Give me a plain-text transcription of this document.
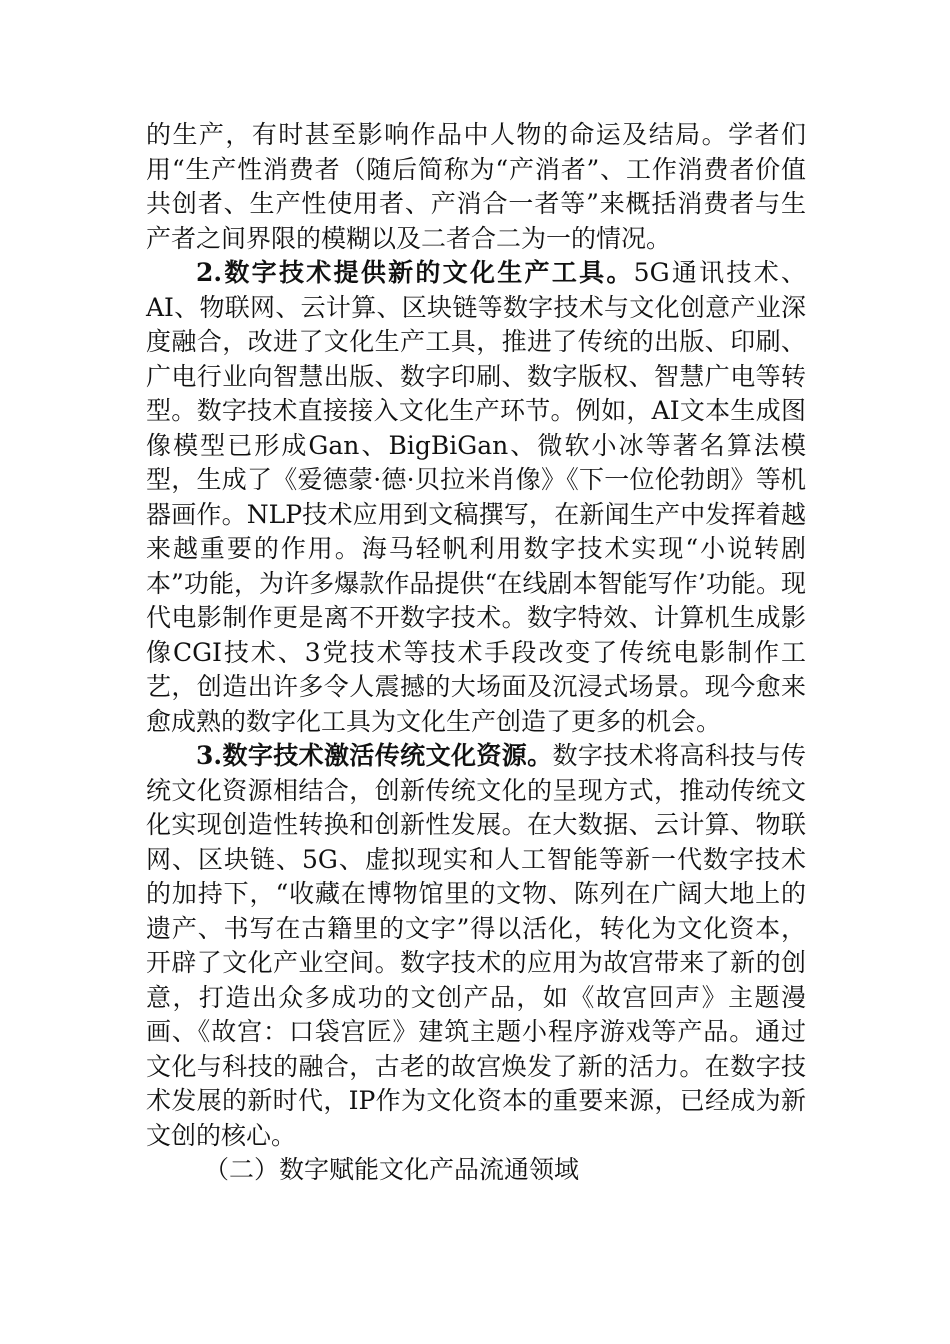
的生产，有时甚至影响作品中人物的命运及结局。学者们用“生产性消费者（随后简称为“产消者”、工作消费者价值共创者、生产性使用者、产消合一者等”来概括消费者与生产者之间界限的模糊以及二者合二为一的情况。

2.数字技术提供新的文化生产工具。5G通讯技术、AI、物联网、云计算、区块链等数字技术与文化创意产业深度融合，改进了文化生产工具，推进了传统的出版、印刷、广电行业向智慧出版、数字印刷、数字版权、智慧广电等转型。数字技术直接接入文化生产环节。例如，AI文本生成图像模型已形成Gan、BigBiGan、微软小冰等著名算法模型，生成了《爱德蒙·德·贝拉米肖像》《下一位伦勃朗》等机器画作。NLP技术应用到文稿撰写，在新闻生产中发挥着越来越重要的作用。海马轻帆利用数字技术实现“小说转剧本”功能，为许多爆款作品提供“在线剧本智能写作’功能。现代电影制作更是离不开数字技术。数字特效、计算机生成影像CGI技术、3党技术等技术手段改变了传统电影制作工艺，创造出许多令人震撼的大场面及沉浸式场景。现今愈来愈成熟的数字化工具为文化生产创造了更多的机会。

3.数字技术激活传统文化资源。数字技术将高科技与传统文化资源相结合，创新传统文化的呈现方式，推动传统文化实现创造性转换和创新性发展。在大数据、云计算、物联网、区块链、5G、虚拟现实和人工智能等新一代数字技术的加持下，“收藏在博物馆里的文物、陈列在广阔大地上的遗产、书写在古籍里的文字”得以活化，转化为文化资本，开辟了文化产业空间。数字技术的应用为故宫带来了新的创意，打造出众多成功的文创产品，如《故宫回声》主题漫画、《故宫：口袋宫匠》建筑主题小程序游戏等产品。通过文化与科技的融合，古老的故宫焕发了新的活力。在数字技术发展的新时代，IP作为文化资本的重要来源，已经成为新文创的核心。

（二）数字赋能文化产品流通领域
